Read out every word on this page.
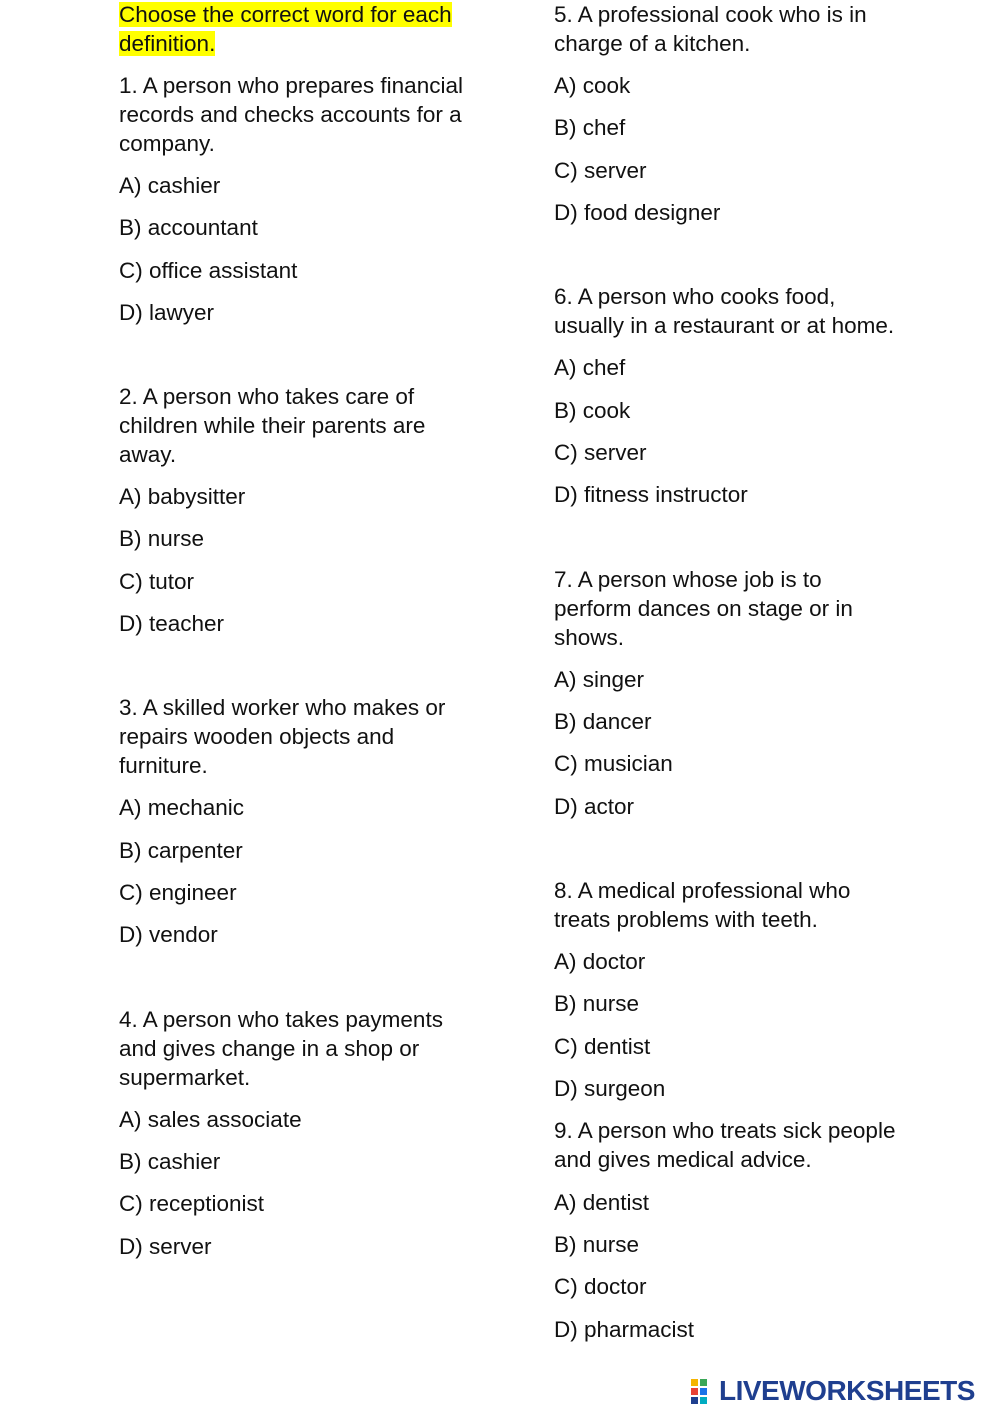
Choose the correct word for each
definition.
1. A person who prepares financial
records and checks accounts for a
company.
A) cashier
B) accountant
C) office assistant
D) lawyer
2. A person who takes care of
children while their parents are
away.
A) babysitter
B) nurse
C) tutor
D) teacher
3. A skilled worker who makes or
repairs wooden objects and
furniture.
A) mechanic
B) carpenter
C) engineer
D) vendor
4. A person who takes payments
and gives change in a shop or
supermarket.
A) sales associate
B) cashier
C) receptionist
D) server
5. A professional cook who is in
charge of a kitchen.
A) cook
B) chef
C) server
D) food designer
6. A person who cooks food,
usually in a restaurant or at home.
A) chef
B) cook
C) server
D) fitness instructor
7. A person whose job is to
perform dances on stage or in
shows.
A) singer
B) dancer
C) musician
D) actor
8. A medical professional who
treats problems with teeth.
A) doctor
B) nurse
C) dentist
D) surgeon
9. A person who treats sick people
and gives medical advice.
A) dentist
B) nurse
C) doctor
D) pharmacist
LIVEWORKSHEETS
